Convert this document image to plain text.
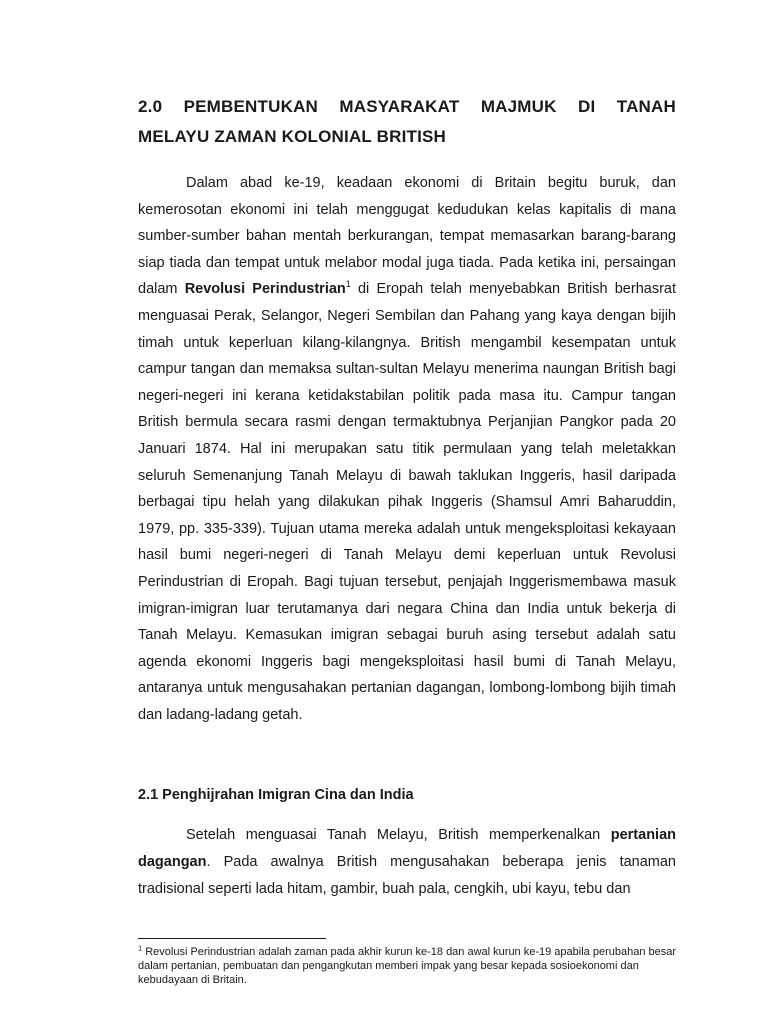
2.0 PEMBENTUKAN MASYARAKAT MAJMUK DI TANAH
MELAYU ZAMAN KOLONIAL BRITISH

Dalam abad ke-19, keadaan ekonomi di Britain begitu buruk, dan kemerosotan ekonomi ini telah menggugat kedudukan kelas kapitalis di mana sumber-sumber bahan mentah berkurangan, tempat memasarkan barang-barang siap tiada dan tempat untuk melabor modal juga tiada. Pada ketika ini, persaingan dalam Revolusi Perindustrian$^1$ di Eropah telah menyebabkan British berhasrat menguasai Perak, Selangor, Negeri Sembilan dan Pahang yang kaya dengan bijih timah untuk keperluan kilang-kilangnya. British mengambil kesempatan untuk campur tangan dan memaksa sultan-sultan Melayu menerima naungan British bagi negeri-negeri ini kerana ketidakstabilan politik pada masa itu. Campur tangan British bermula secara rasmi dengan termaktubnya Perjanjian Pangkor pada 20 Januari 1874. Hal ini merupakan satu titik permulaan yang telah meletakkan seluruh Semenanjung Tanah Melayu di bawah taklukan Inggeris, hasil daripada berbagai tipu helah yang dilakukan pihak Inggeris (Shamsul Amri Baharuddin, 1979, pp. 335-339). Tujuan utama mereka adalah untuk mengeksploitasi kekayaan hasil bumi negeri-negeri di Tanah Melayu demi keperluan untuk Revolusi Perindustrian di Eropah. Bagi tujuan tersebut, penjajah Inggerismembawa masuk imigran-imigran luar terutamanya dari negara China dan India untuk bekerja di Tanah Melayu. Kemasukan imigran sebagai buruh asing tersebut adalah satu agenda ekonomi Inggeris bagi mengeksploitasi hasil bumi di Tanah Melayu, antaranya untuk mengusahakan pertanian dagangan, lombong-lombong bijih timah dan ladang-ladang getah.

2.1 Penghijrahan Imigran Cina dan India

Setelah menguasai Tanah Melayu, British memperkenalkan pertanian dagangan. Pada awalnya British mengusahakan beberapa jenis tanaman tradisional seperti lada hitam, gambir, buah pala, cengkih, ubi kayu, tebu dan

$^1$ Revolusi Perindustrian adalah zaman pada akhir kurun ke-18 dan awal kurun ke-19 apabila perubahan besar dalam pertanian, pembuatan dan pengangkutan memberi impak yang besar kepada sosioekonomi dan kebudayaan di Britain.
